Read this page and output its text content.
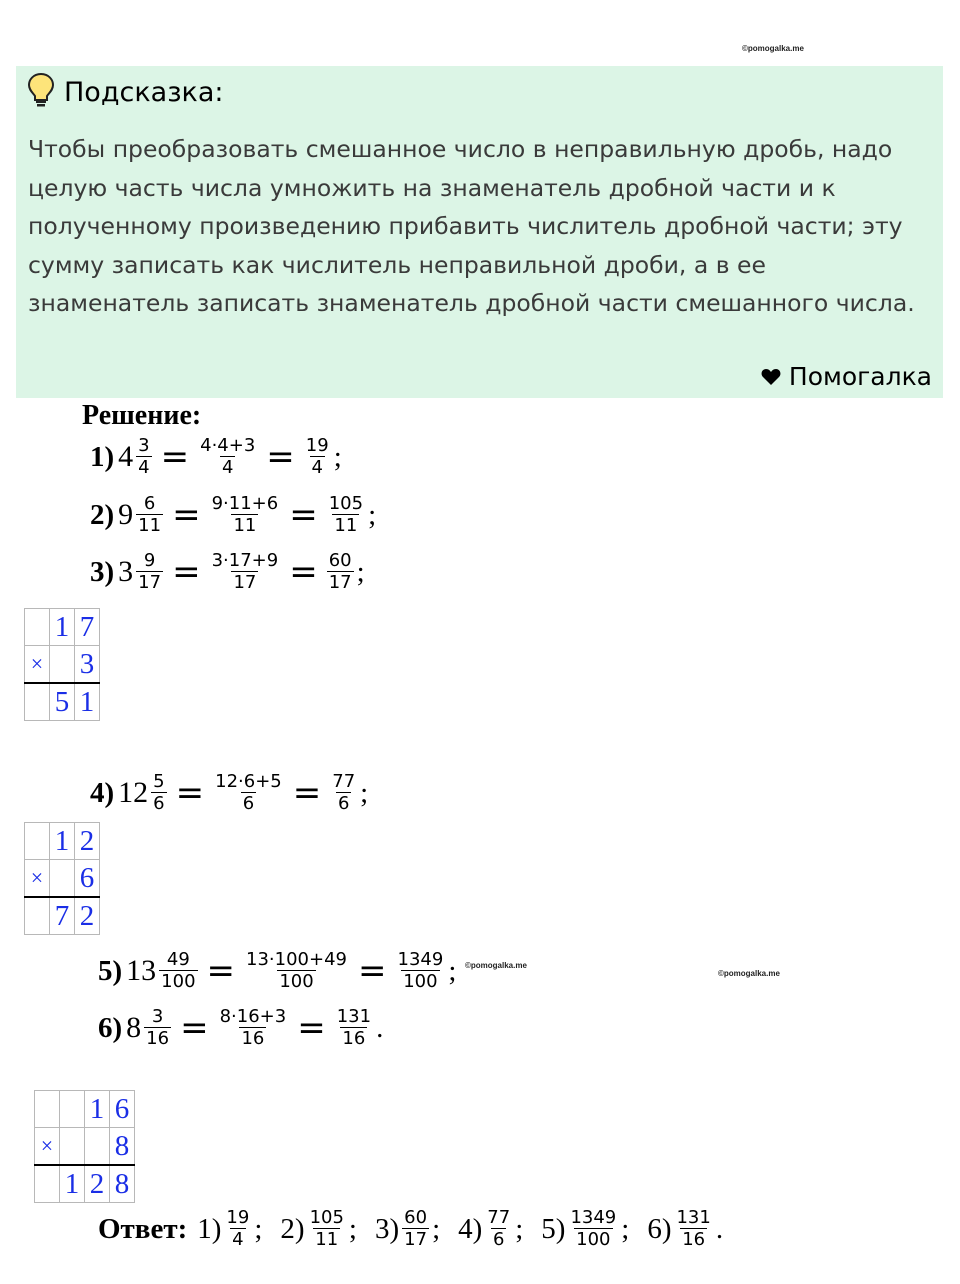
©pomogalka.me
©pomogalka.me
©pomogalka.me
Подсказка:
Чтобы преобразовать смешанное число в неправильную дробь, надо целую часть числа умножить на знаменатель дробной части и к полученному произведению прибавить числитель дробной части; эту сумму записать как числитель неправильной дроби, а в ее знаменатель записать знаменатель дробной части смешанного числа.
Помогалка
Решение:
1) $4 \frac{3}{4} = \frac{4\cdot 4+3}{4} = \frac{19}{4}$ ;
2) $9 \frac{6}{11} = \frac{9\cdot 11+6}{11} = \frac{105}{11}$ ;
3) $3 \frac{9}{17} = \frac{3\cdot 17+9}{17} = \frac{60}{17}$ ;
4) $12 \frac{5}{6} = \frac{12\cdot 6+5}{6} = \frac{77}{6}$ ;
5) $13 \frac{49}{100} = \frac{13\cdot 100+49}{100} = \frac{1349}{100}$ ;
6) $8 \frac{3}{16} = \frac{8\cdot 16+3}{16} = \frac{131}{16}$ .
	1	7
×		3
	5	1
	1	2
×		6
	7	2
		1	6
×			8
	1	2	8
Ответ: $1) \frac{19}{4}$ ; $2) \frac{105}{11}$ ; $3) \frac{60}{17}$ ; $4) \frac{77}{6}$ ; $5) \frac{1349}{100}$ ; $6) \frac{131}{16}$ .
